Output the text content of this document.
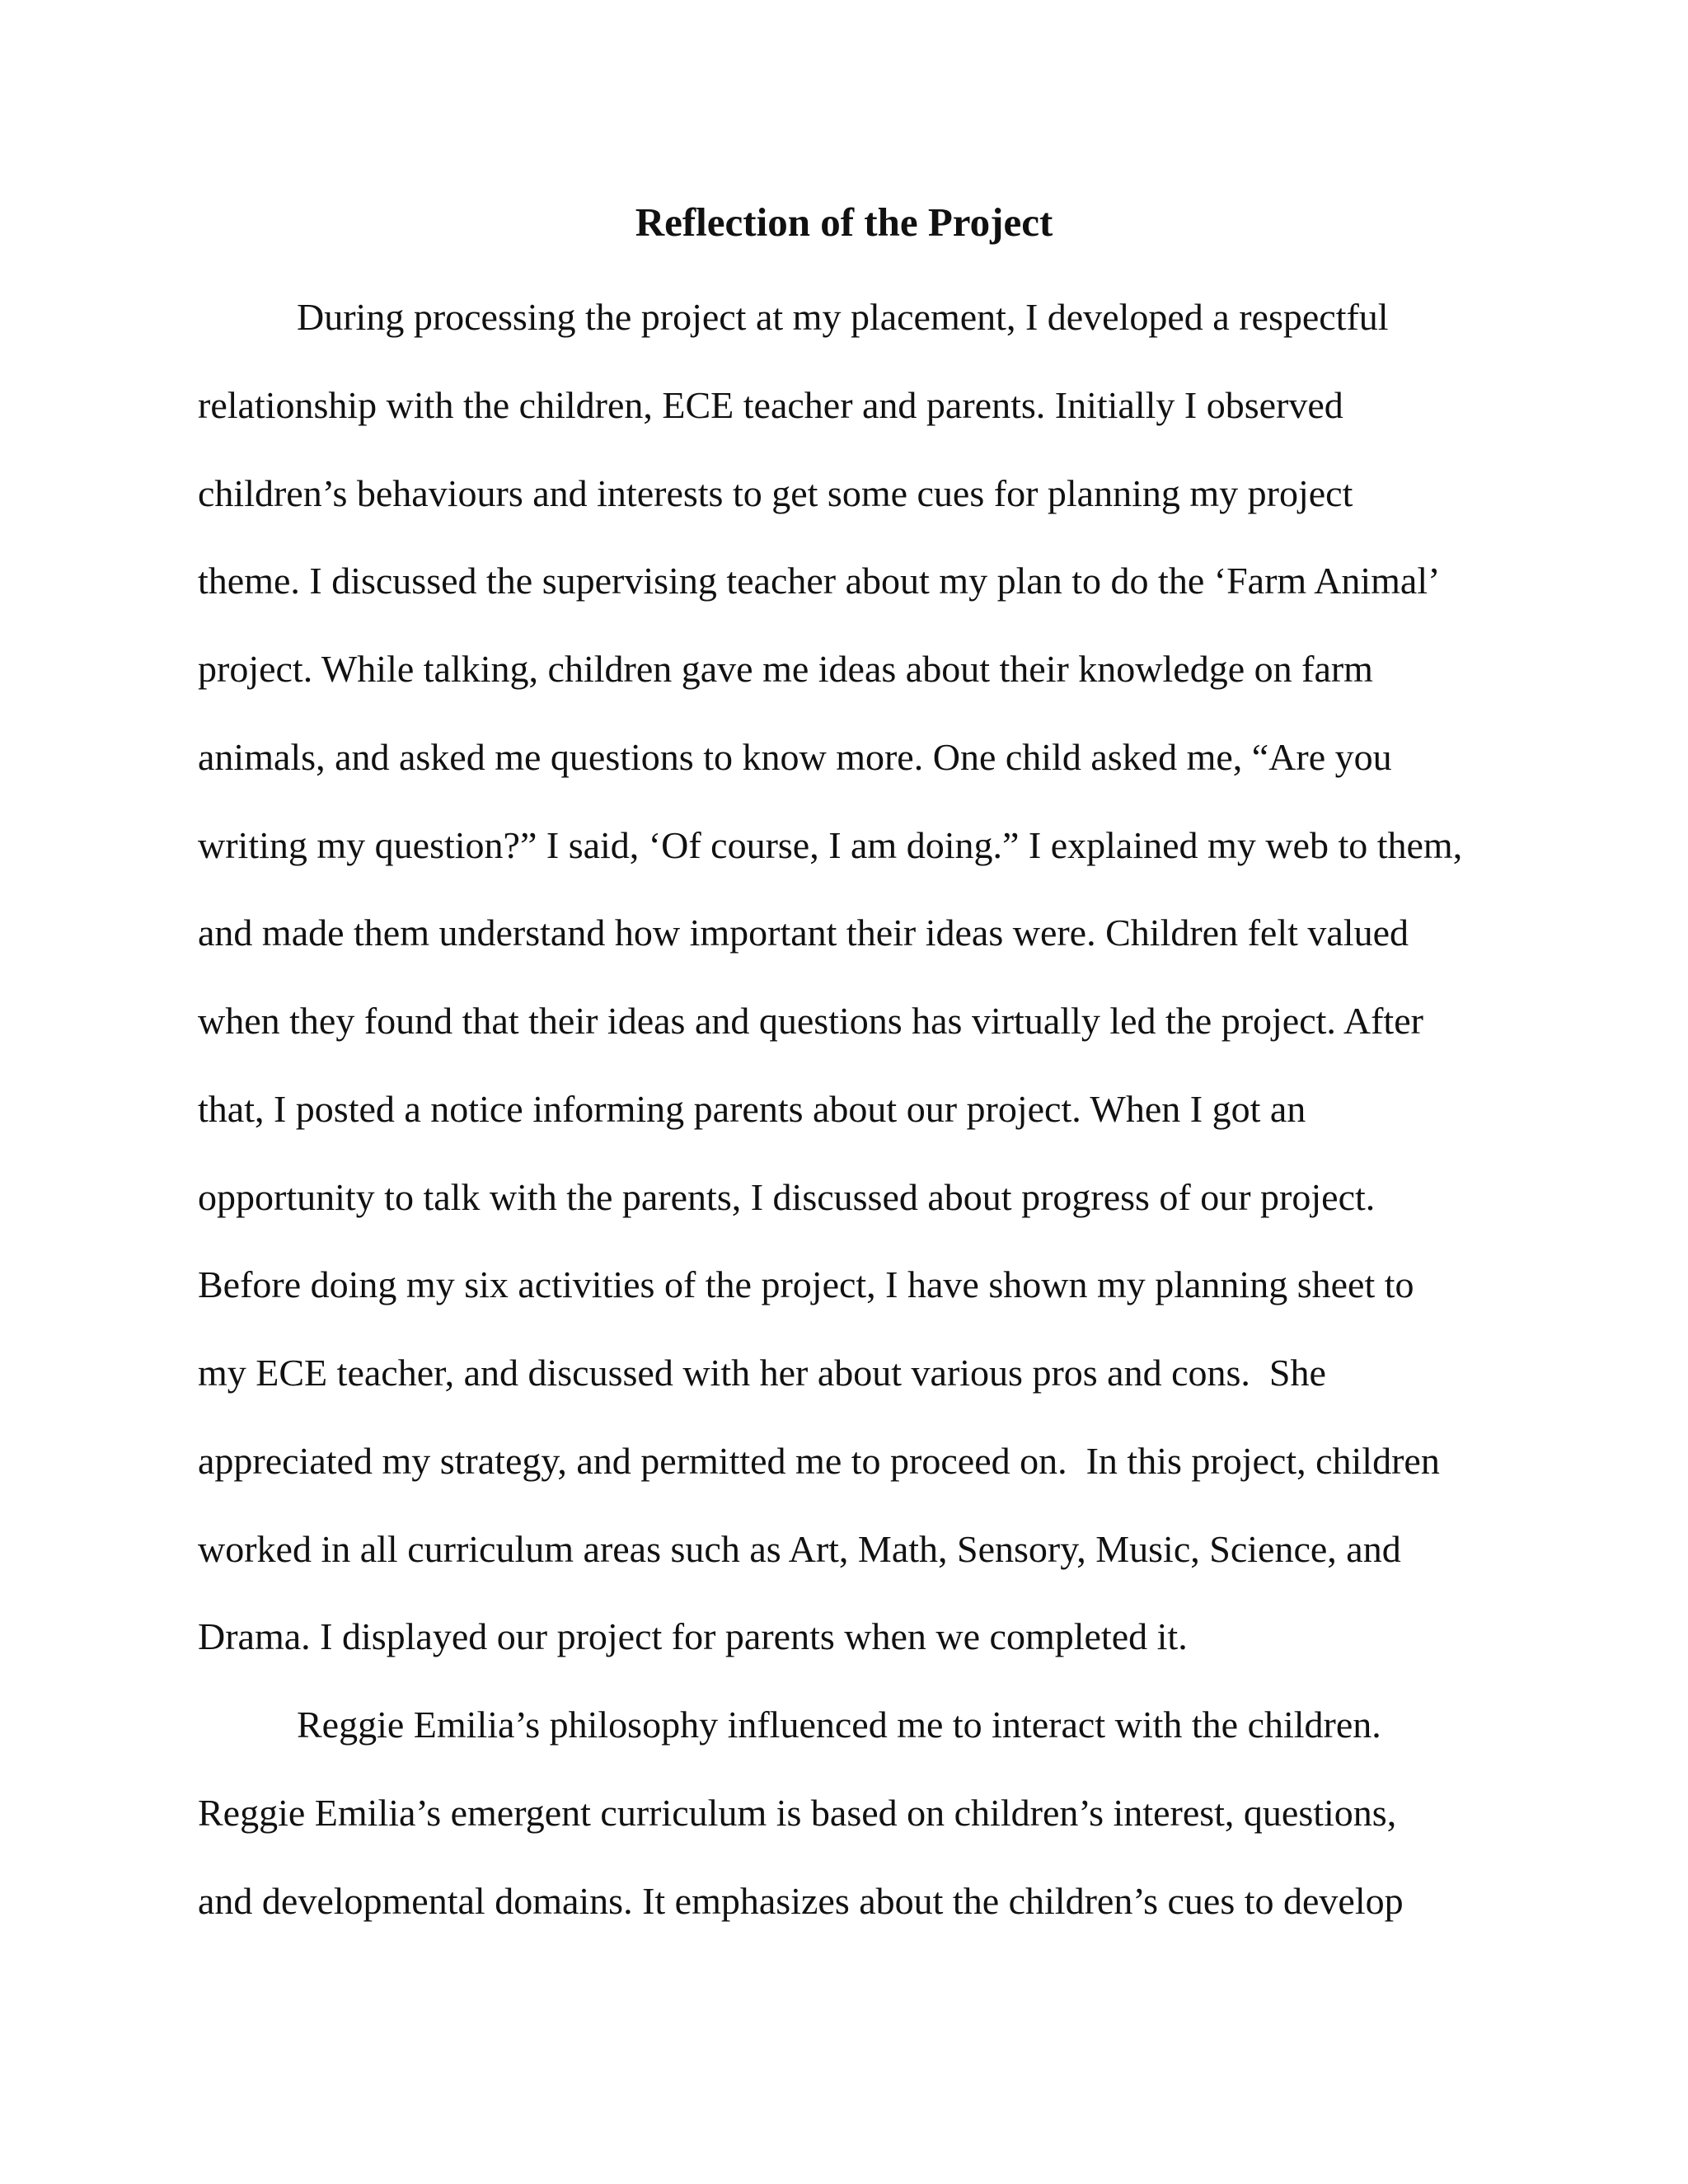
Reflection of the Project

During processing the project at my placement, I developed a respectful

relationship with the children, ECE teacher and parents. Initially I observed

children’s behaviours and interests to get some cues for planning my project

theme. I discussed the supervising teacher about my plan to do the ‘Farm Animal’

project. While talking, children gave me ideas about their knowledge on farm

animals, and asked me questions to know more. One child asked me, “Are you

writing my question?” I said, ‘Of course, I am doing.” I explained my web to them,

and made them understand how important their ideas were. Children felt valued

when they found that their ideas and questions has virtually led the project. After

that, I posted a notice informing parents about our project. When I got an

opportunity to talk with the parents, I discussed about progress of our project.

Before doing my six activities of the project, I have shown my planning sheet to

my ECE teacher, and discussed with her about various pros and cons.  She

appreciated my strategy, and permitted me to proceed on.  In this project, children

worked in all curriculum areas such as Art, Math, Sensory, Music, Science, and

Drama. I displayed our project for parents when we completed it.

Reggie Emilia’s philosophy influenced me to interact with the children.

Reggie Emilia’s emergent curriculum is based on children’s interest, questions,

and developmental domains. It emphasizes about the children’s cues to develop
